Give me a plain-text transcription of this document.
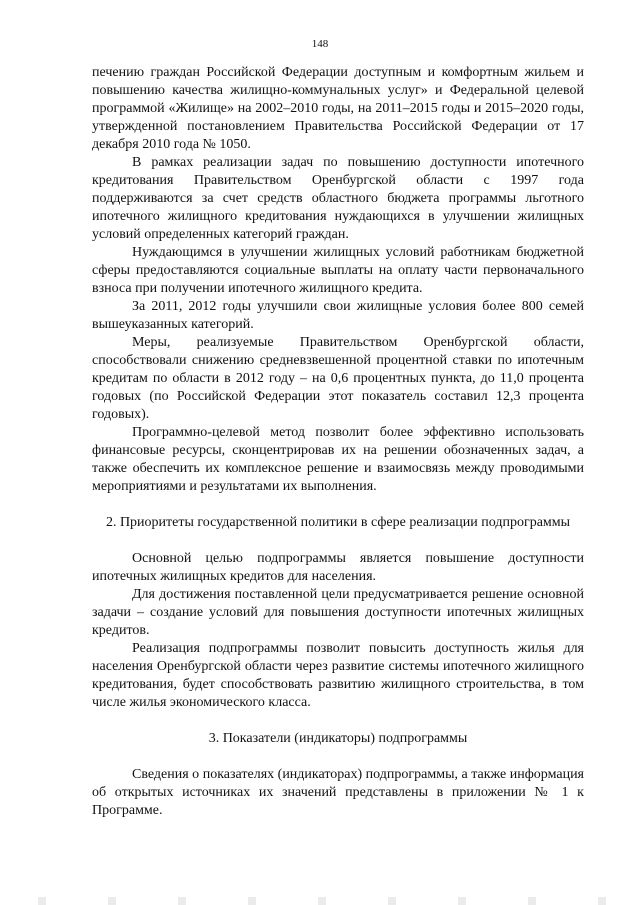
148

печению граждан Российской Федерации доступным и комфортным жильем и повышению качества жилищно-коммунальных услуг» и Федеральной целевой программой «Жилище» на 2002–2010 годы, на 2011–2015 годы и 2015–2020 годы, утвержденной постановлением Правительства Российской Федерации от 17 декабря 2010 года № 1050.

В рамках реализации задач по повышению доступности ипотечного кредитования Правительством Оренбургской области с 1997 года поддерживаются за счет средств областного бюджета программы льготного ипотечного жилищного кредитования нуждающихся в улучшении жилищных условий определенных категорий граждан.

Нуждающимся в улучшении жилищных условий работникам бюджетной сферы предоставляются социальные выплаты на оплату части первоначального взноса при получении ипотечного жилищного кредита.

За 2011, 2012 годы улучшили свои жилищные условия более 800 семей вышеуказанных категорий.

Меры, реализуемые Правительством Оренбургской области, способствовали снижению средневзвешенной процентной ставки по ипотечным кредитам по области в 2012 году – на 0,6 процентных пункта, до 11,0 процента годовых (по Российской Федерации этот показатель составил 12,3 процента годовых).

Программно-целевой метод позволит более эффективно использовать финансовые ресурсы, сконцентрировав их на решении обозначенных задач, а также обеспечить их комплексное решение и взаимосвязь между проводимыми мероприятиями и результатами их выполнения.

2. Приоритеты государственной политики в сфере реализации подпрограммы

Основной целью подпрограммы является повышение доступности ипотечных жилищных кредитов для населения.

Для достижения поставленной цели предусматривается решение основной задачи – создание условий для повышения доступности ипотечных жилищных кредитов.

Реализация подпрограммы позволит повысить доступность жилья для населения Оренбургской области через развитие системы ипотечного жилищного кредитования, будет способствовать развитию жилищного строительства, в том числе жилья экономического класса.

3. Показатели (индикаторы) подпрограммы

Сведения о показателях (индикаторах) подпрограммы, а также информация об открытых источниках их значений представлены в приложении № 1 к Программе.
